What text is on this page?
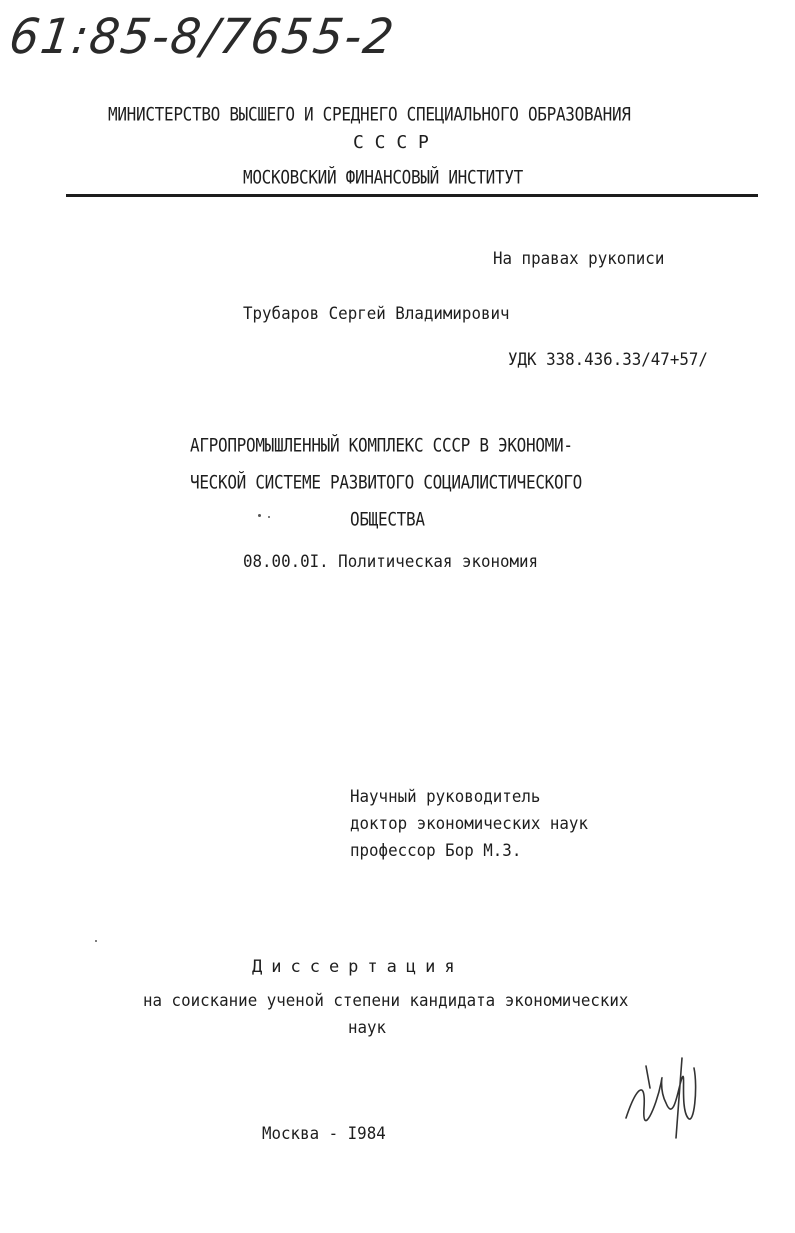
61:85-8/7655-2
МИНИСТЕРСТВО ВЫСШЕГО И СРЕДНЕГО СПЕЦИАЛЬНОГО ОБРАЗОВАНИЯ
С С С Р
МОСКОВСКИЙ ФИНАНСОВЫЙ ИНСТИТУТ
На правах рукописи
Трубаров Сергей Владимирович
УДК 338.436.33/47+57/
АГРОПРОМЫШЛЕННЫЙ КОМПЛЕКС СССР В ЭКОНОМИ-
ЧЕСКОЙ СИСТЕМЕ РАЗВИТОГО СОЦИАЛИСТИЧЕСКОГО
ОБЩЕСТВА
08.00.0I. Политическая экономия
Научный руководитель
доктор экономических наук
профессор Бор М.З.
Диссертация
на соискание ученой степени кандидата экономических
наук
Москва - I984
